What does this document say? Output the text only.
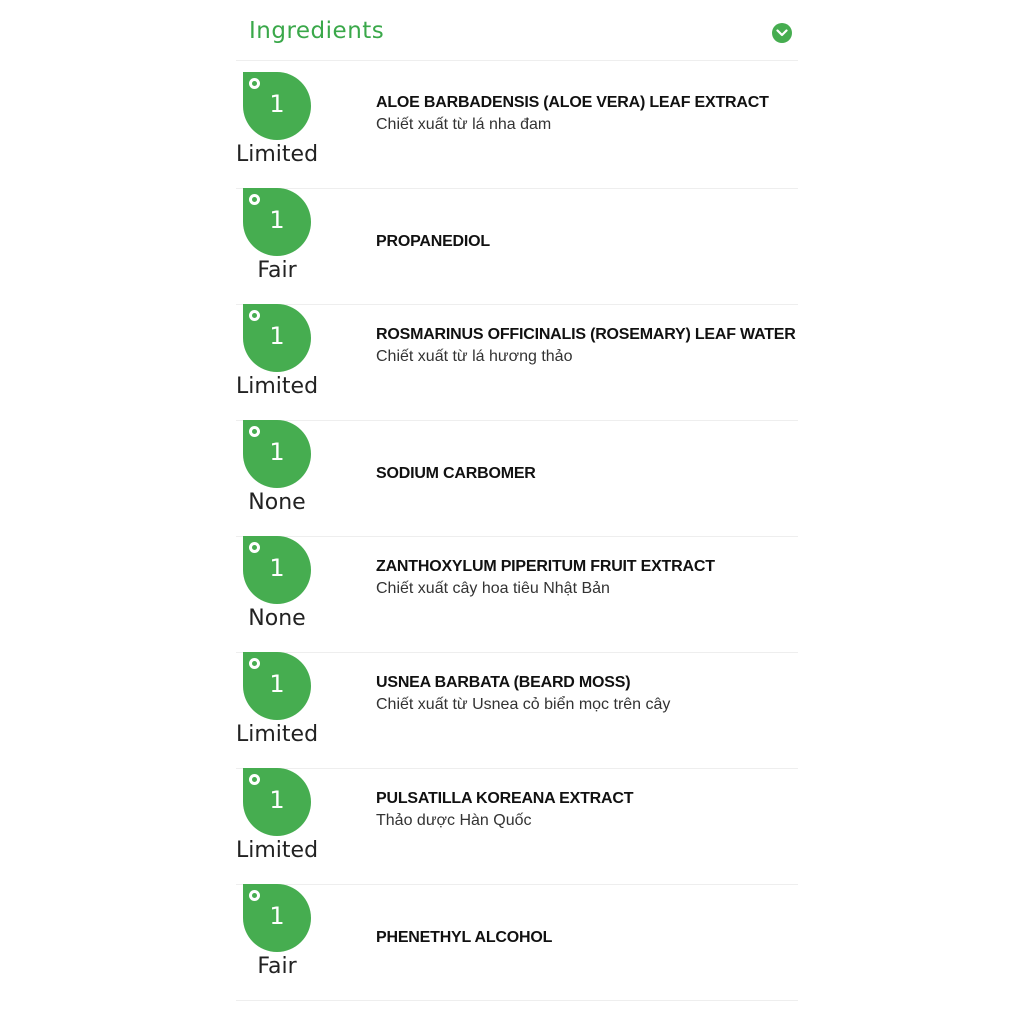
Ingredients
1
Limited
ALOE BARBADENSIS (ALOE VERA) LEAF EXTRACT
Chiết xuất từ lá nha đam
1
Fair
PROPANEDIOL
1
Limited
ROSMARINUS OFFICINALIS (ROSEMARY) LEAF WATER
Chiết xuất từ lá hương thảo
1
None
SODIUM CARBOMER
1
None
ZANTHOXYLUM PIPERITUM FRUIT EXTRACT
Chiết xuất cây hoa tiêu Nhật Bản
1
Limited
USNEA BARBATA (BEARD MOSS)
Chiết xuất từ Usnea cỏ biển mọc trên cây
1
Limited
PULSATILLA KOREANA EXTRACT
Thảo dược Hàn Quốc
1
Fair
PHENETHYL ALCOHOL
